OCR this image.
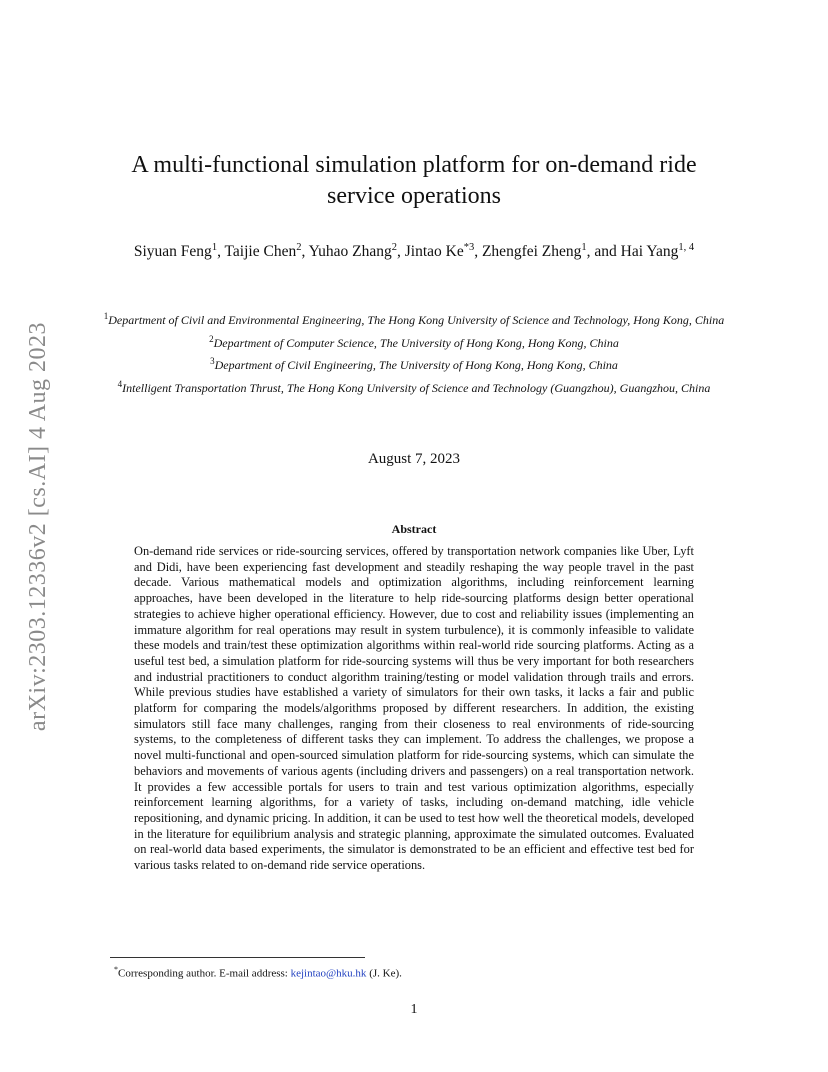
arXiv:2303.12336v2 [cs.AI] 4 Aug 2023
A multi-functional simulation platform for on-demand ride service operations
Siyuan Feng$^1$, Taijie Chen$^2$, Yuhao Zhang$^2$, Jintao Ke$^{*3}$, Zhengfei Zheng$^1$, and Hai Yang$^{1, 4}$
$^1$Department of Civil and Environmental Engineering, The Hong Kong University of Science and Technology, Hong Kong, China
$^2$Department of Computer Science, The University of Hong Kong, Hong Kong, China
$^3$Department of Civil Engineering, The University of Hong Kong, Hong Kong, China
$^4$Intelligent Transportation Thrust, The Hong Kong University of Science and Technology (Guangzhou), Guangzhou, China
August 7, 2023
Abstract

On-demand ride services or ride-sourcing services, offered by transportation network companies like Uber, Lyft and Didi, have been experiencing fast development and steadily reshaping the way people travel in the past decade. Various mathematical models and optimization algorithms, including reinforcement learning approaches, have been developed in the literature to help ride-sourcing platforms design better operational strategies to achieve higher operational efficiency. However, due to cost and reliability issues (implementing an immature algorithm for real operations may result in system turbulence), it is commonly infeasible to validate these models and train/test these optimization algorithms within real-world ride sourcing platforms. Acting as a useful test bed, a simulation platform for ride-sourcing systems will thus be very important for both researchers and industrial practitioners to conduct algorithm training/testing or model validation through trails and errors. While previous studies have established a variety of simulators for their own tasks, it lacks a fair and public platform for comparing the models/algorithms proposed by different researchers. In addition, the existing simulators still face many challenges, ranging from their closeness to real environments of ride-sourcing systems, to the completeness of different tasks they can implement. To address the challenges, we propose a novel multi-functional and open-sourced simulation platform for ride-sourcing systems, which can simulate the behaviors and movements of various agents (including drivers and passengers) on a real transportation network. It provides a few accessible portals for users to train and test various optimization algorithms, especially reinforcement learning algorithms, for a variety of tasks, including on-demand matching, idle vehicle repositioning, and dynamic pricing. In addition, it can be used to test how well the theoretical models, developed in the literature for equilibrium analysis and strategic planning, approximate the simulated outcomes. Evaluated on real-world data based experiments, the simulator is demonstrated to be an efficient and effective test bed for various tasks related to on-demand ride service operations.

*Corresponding author. E-mail address: kejintao@hku.hk (J. Ke).
1
